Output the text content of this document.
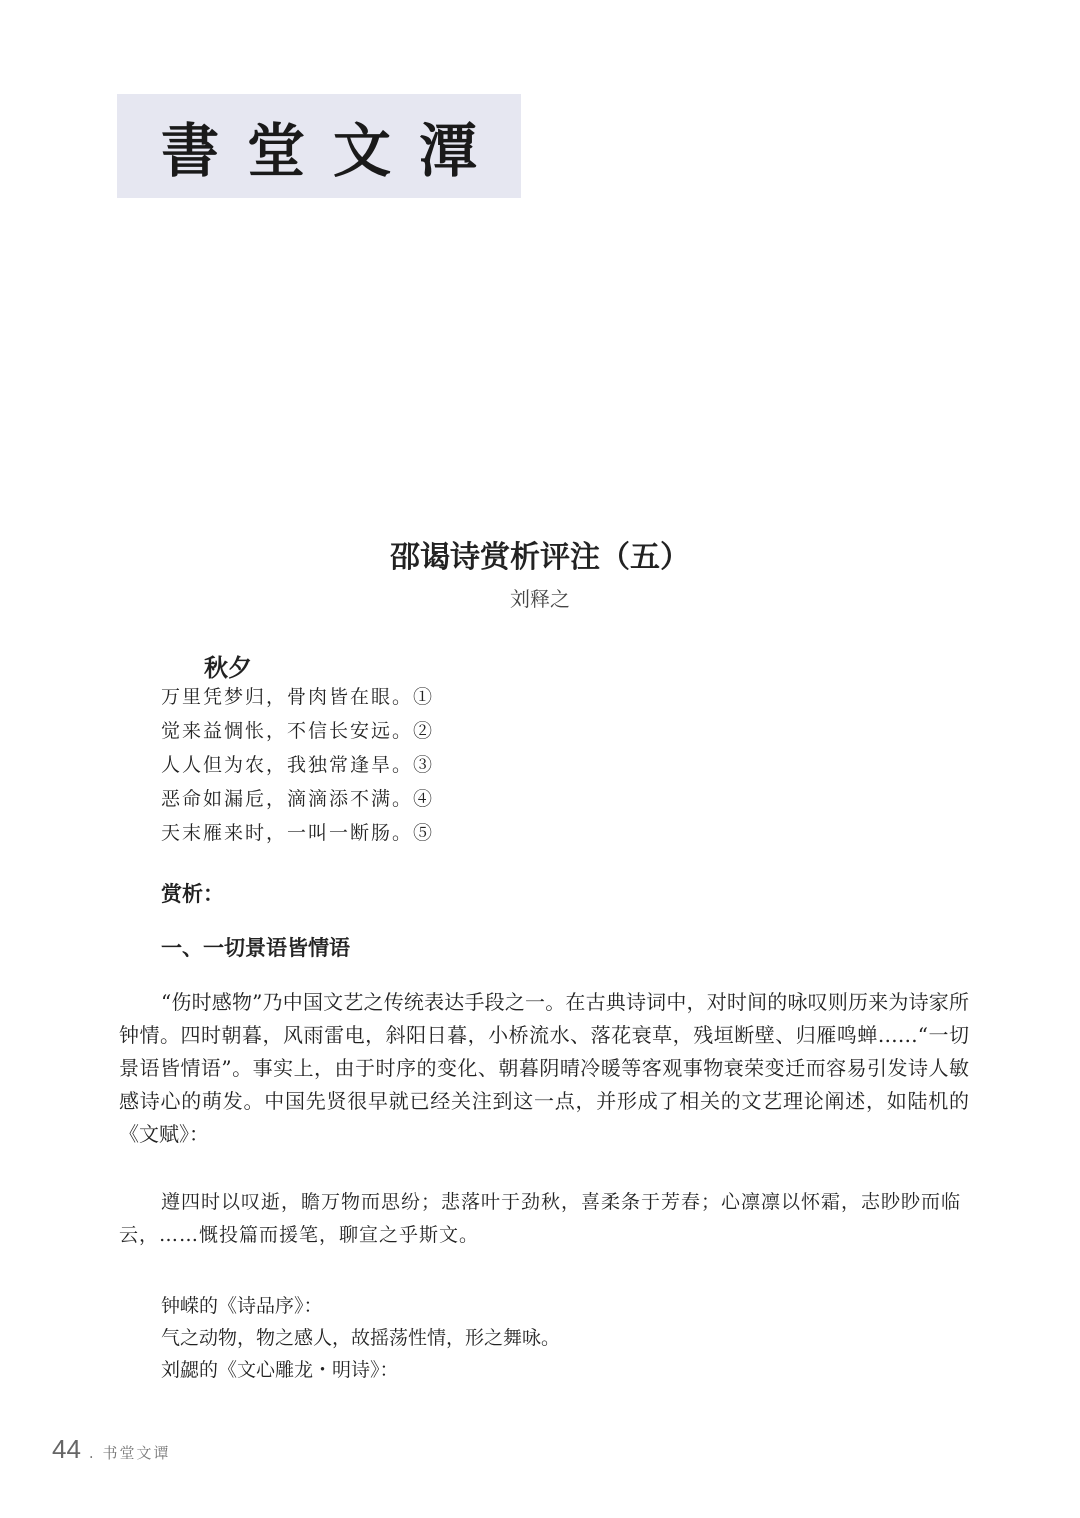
書堂文潭
邵谒诗赏析评注（五）
刘释之
秋夕
万里凭梦归，骨肉皆在眼。①
觉来益惆怅，不信长安远。②
人人但为农，我独常逢旱。③
恶命如漏卮，滴滴添不满。④
天末雁来时，一叫一断肠。⑤
赏析：
一、一切景语皆情语

“伤时感物”乃中国文艺之传统表达手段之一。在古典诗词中，对时间的咏叹则历来为诗家所钟情。四时朝暮，风雨雷电，斜阳日暮，小桥流水、落花衰草，残垣断壁、归雁鸣蝉……“一切景语皆情语”。事实上，由于时序的变化、朝暮阴晴冷暖等客观事物衰荣变迁而容易引发诗人敏感诗心的萌发。中国先贤很早就已经关注到这一点，并形成了相关的文艺理论阐述，如陆机的《文赋》：

遵四时以叹逝，瞻万物而思纷；悲落叶于劲秋，喜柔条于芳春；心凛凛以怀霜，志眇眇而临云，……慨投篇而援笔，聊宣之乎斯文。

钟嵘的《诗品序》：
气之动物，物之感人，故摇荡性情，形之舞咏。
刘勰的《文心雕龙・明诗》：
44 . 书堂文谭
